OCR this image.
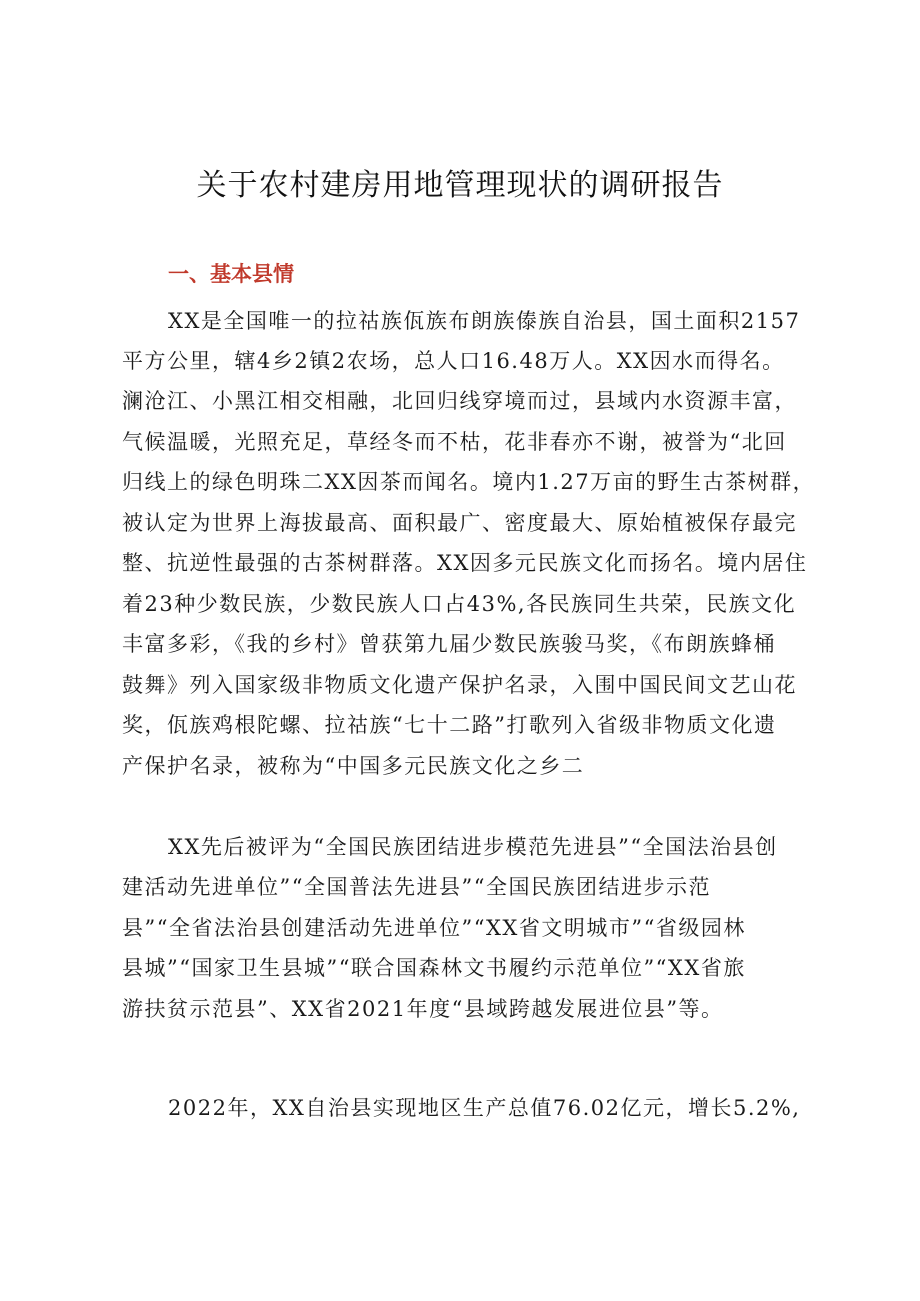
关于农村建房用地管理现状的调研报告
一、基本县情

XX是全国唯一的拉祜族佤族布朗族傣族自治县，国土面积2157

平方公里，辖4乡2镇2农场，总人口16.48万人。XX因水而得名。

澜沧江、小黑江相交相融，北回归线穿境而过，县域内水资源丰富，

气候温暖，光照充足，草经冬而不枯，花非春亦不谢，被誉为“北回

归线上的绿色明珠二XX因茶而闻名。境内1.27万亩的野生古茶树群，

被认定为世界上海拔最高、面积最广、密度最大、原始植被保存最完

整、抗逆性最强的古茶树群落。XX因多元民族文化而扬名。境内居住

着23种少数民族，少数民族人口占43%,各民族同生共荣，民族文化

丰富多彩，《我的乡村》曾获第九届少数民族骏马奖，《布朗族蜂桶

鼓舞》列入国家级非物质文化遗产保护名录，入围中国民间文艺山花

奖，佤族鸡根陀螺、拉祜族“七十二路”打歌列入省级非物质文化遗

产保护名录，被称为“中国多元民族文化之乡二

XX先后被评为“全国民族团结进步模范先进县”“全国法治县创

建活动先进单位”“全国普法先进县”“全国民族团结进步示范

县”“全省法治县创建活动先进单位”“XX省文明城市”“省级园林

县城”“国家卫生县城”“联合国森林文书履约示范单位”“XX省旅

游扶贫示范县”、XX省2021年度“县域跨越发展进位县”等。

2022年，XX自治县实现地区生产总值76.02亿元，增长5.2%,
